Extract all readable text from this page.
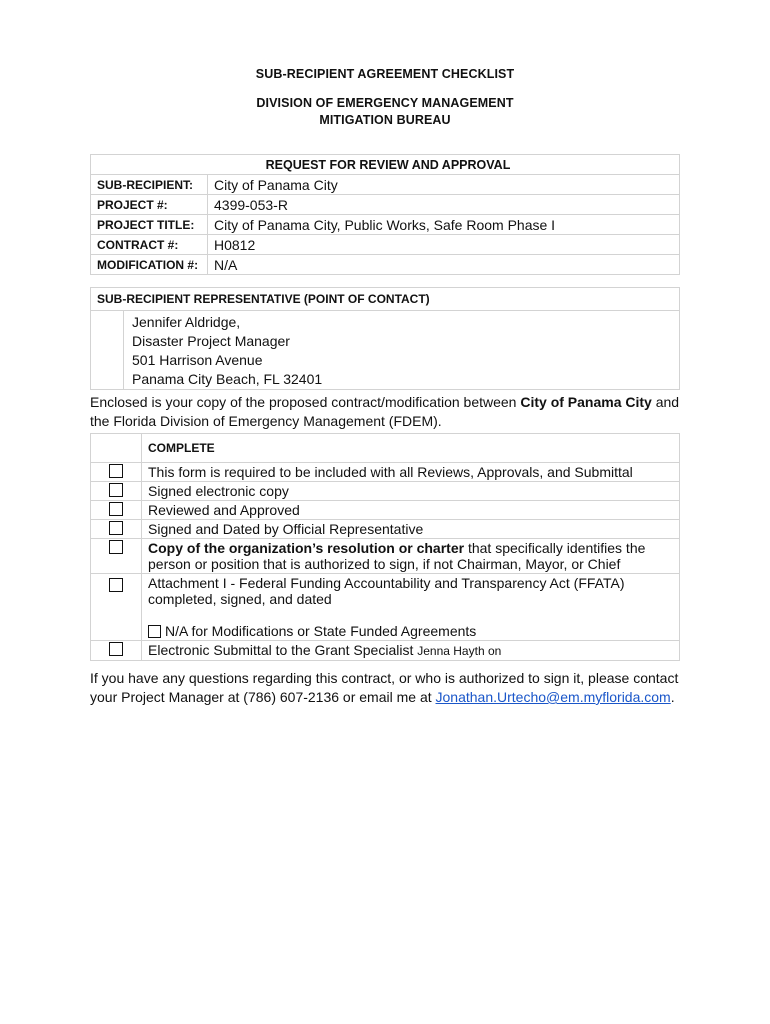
SUB-RECIPIENT AGREEMENT CHECKLIST
DIVISION OF EMERGENCY MANAGEMENT
MITIGATION BUREAU
REQUEST FOR REVIEW AND APPROVAL	
SUB-RECIPIENT:	City of Panama City
PROJECT #:	4399-053-R
PROJECT TITLE:	City of Panama City, Public Works, Safe Room Phase I
CONTRACT #:	H0812
MODIFICATION #:	N/A
SUB-RECIPIENT REPRESENTATIVE (POINT OF CONTACT)

Jennifer Aldridge,
Disaster Project Manager
501 Harrison Avenue
Panama City Beach, FL 32401
Enclosed is your copy of the proposed contract/modification between City of Panama City and the Florida Division of Emergency Management (FDEM).
	COMPLETE
	This form is required to be included with all Reviews, Approvals, and Submittal
	Signed electronic copy
	Reviewed and Approved
	Signed and Dated by Official Representative
	Copy of the organization’s resolution or charter that specifically identifies the person or position that is authorized to sign, if not Chairman, Mayor, or Chief

	Attachment I - Federal Funding Accountability and Transparency Act (FFATA)
completed, signed, and dated
N/A for Modifications or State Funded Agreements

	Electronic Submittal to the Grant Specialist Jenna Hayth on
If you have any questions regarding this contract, or who is authorized to sign it, please contact your Project Manager at (786) 607-2136 or email me at Jonathan.Urtecho@em.myflorida.com.
